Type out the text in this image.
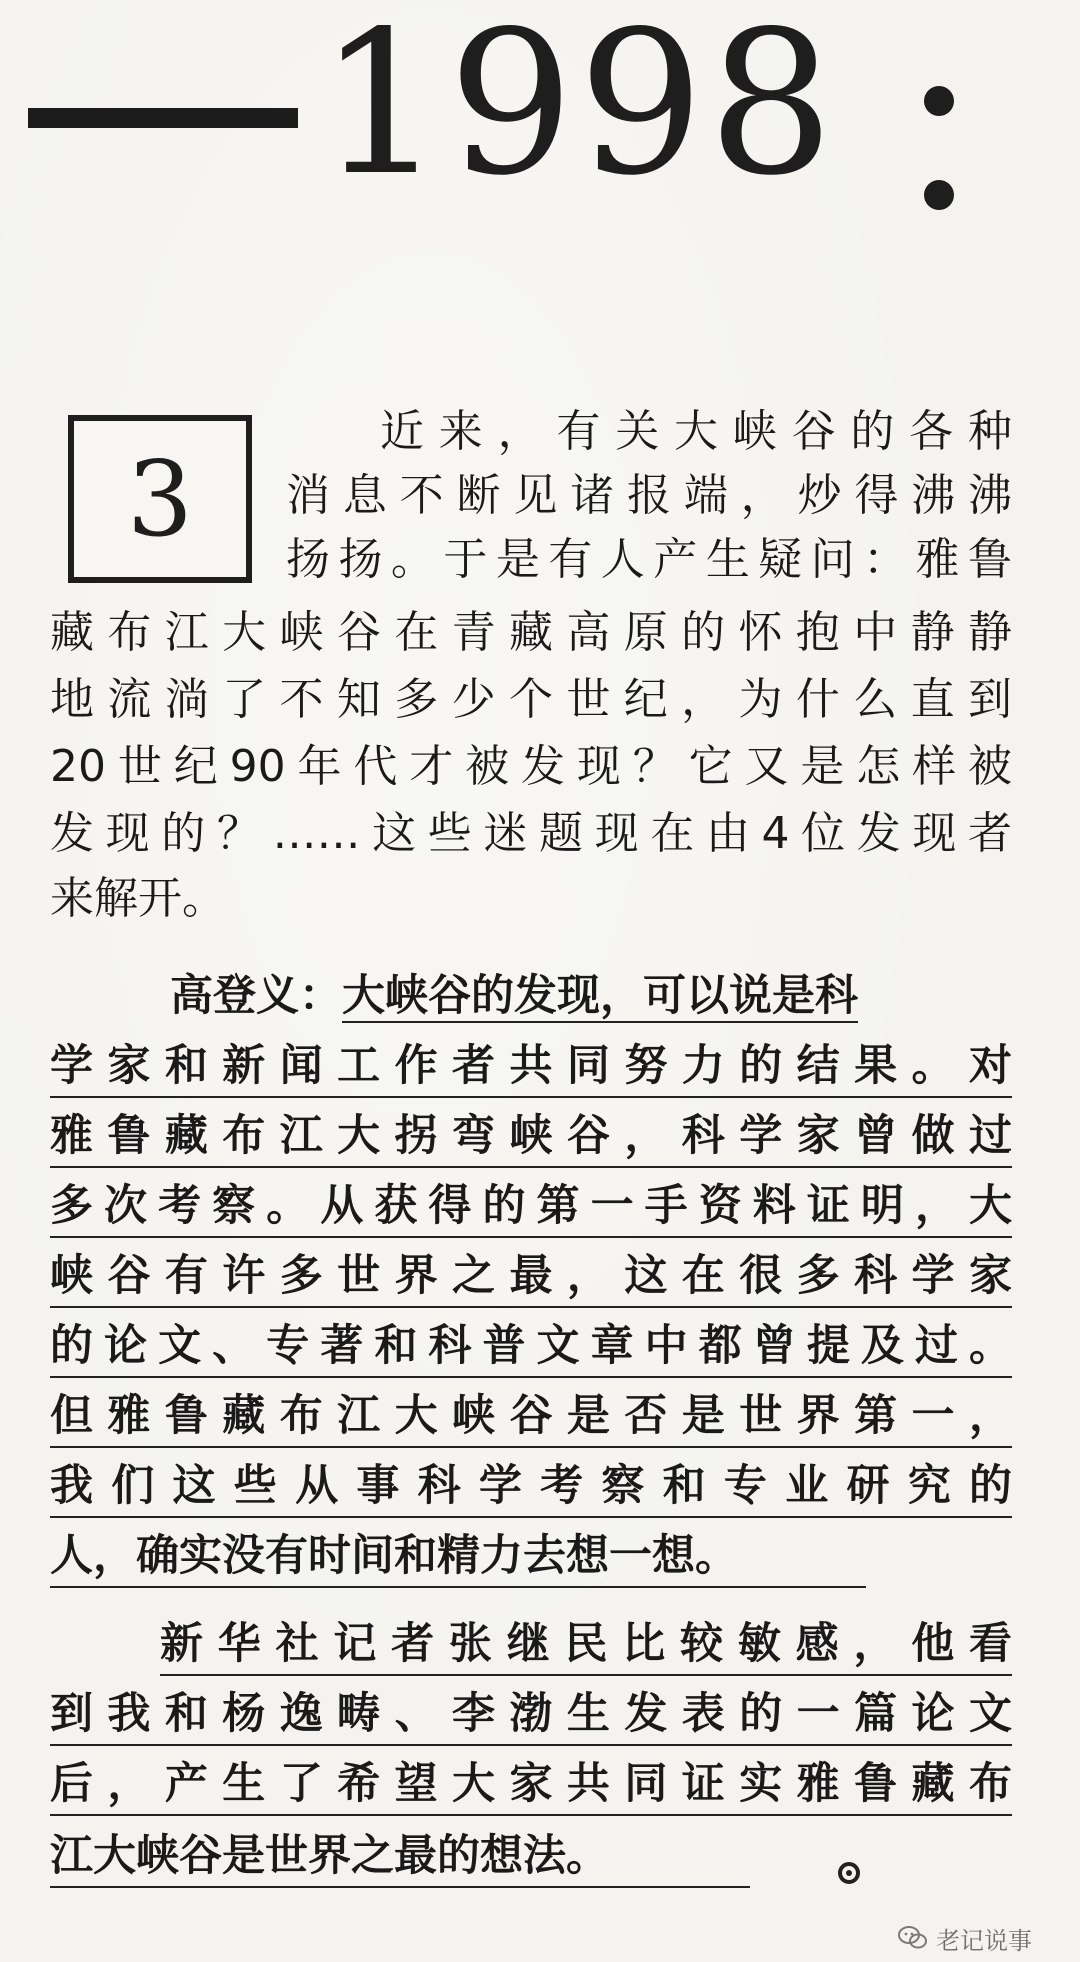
1998
3
近来，有关大峡谷的各种
消息不断见诸报端，炒得沸沸
扬扬。于是有人产生疑问：雅鲁
藏布江大峡谷在青藏高原的怀抱中静静
地流淌了不知多少个世纪，为什么直到
20世纪90年代才被发现？它又是怎样被
发现的？……这些迷题现在由4位发现者
来解开。
高登义：大峡谷的发现，可以说是科
学家和新闻工作者共同努力的结果。对
雅鲁藏布江大拐弯峡谷，科学家曾做过
多次考察。从获得的第一手资料证明，大
峡谷有许多世界之最，这在很多科学家
的论文、专著和科普文章中都曾提及过。
但雅鲁藏布江大峡谷是否是世界第一，
我们这些从事科学考察和专业研究的
人，确实没有时间和精力去想一想。
新华社记者张继民比较敏感，他看
到我和杨逸畴、李渤生发表的一篇论文
后，产生了希望大家共同证实雅鲁藏布
江大峡谷是世界之最的想法。
老记说事
